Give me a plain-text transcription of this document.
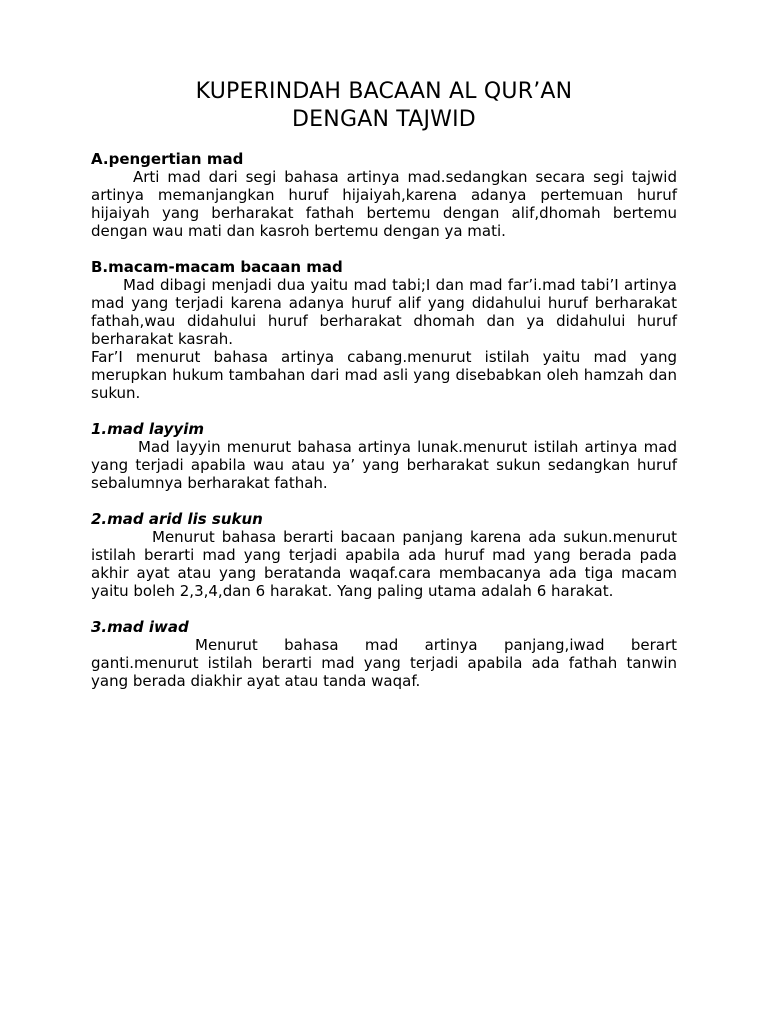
KUPERINDAH BACAAN AL QUR’AN
DENGAN TAJWID
A.pengertian mad

Arti mad dari segi bahasa artinya mad.sedangkan secara segi tajwid artinya memanjangkan huruf hijaiyah,karena adanya pertemuan huruf hijaiyah yang berharakat fathah bertemu dengan alif,dhomah bertemu dengan wau mati dan kasroh bertemu dengan ya mati.

B.macam-macam bacaan mad

Mad dibagi menjadi dua yaitu mad tabi;I dan mad far’i.mad tabi’I artinya mad yang terjadi karena adanya huruf alif yang didahului huruf berharakat fathah,wau didahului huruf berharakat dhomah dan ya didahului huruf berharakat kasrah.

Far’I menurut bahasa artinya cabang.menurut istilah yaitu mad yang merupkan hukum tambahan dari mad asli yang disebabkan oleh hamzah dan sukun.

1.mad layyim

Mad layyin menurut bahasa artinya lunak.menurut istilah artinya mad yang terjadi apabila wau atau ya’ yang berharakat sukun sedangkan huruf sebalumnya berharakat fathah.

2.mad arid lis sukun

Menurut bahasa berarti bacaan panjang karena ada sukun.menurut istilah berarti mad yang terjadi apabila ada huruf mad yang berada pada akhir ayat atau yang beratanda waqaf.cara membacanya ada tiga macam yaitu boleh 2,3,4,dan 6 harakat. Yang paling utama adalah 6 harakat.

3.mad iwad

Menurut bahasa mad artinya panjang,iwad berart ganti.menurut istilah berarti mad yang terjadi apabila ada fathah tanwin yang berada diakhir ayat atau tanda waqaf.
